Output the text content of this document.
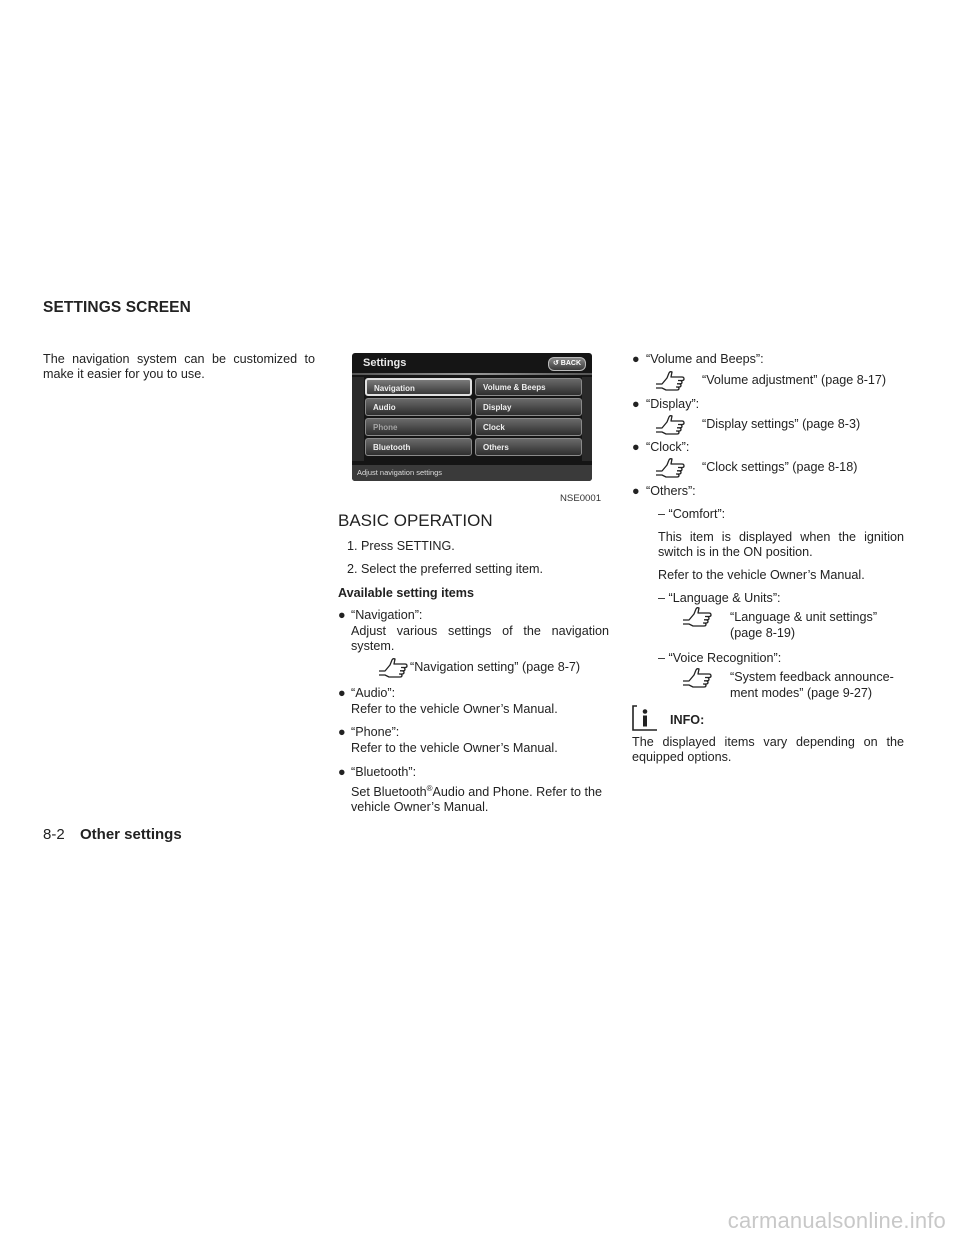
SETTINGS SCREEN

The navigation system can be customized to make it easier for you to use.

Settings	↺ BACK
Navigation
Audio
Phone
Bluetooth
Volume & Beeps
Display
Clock
Others
Adjust navigation settings
NSE0001
BASIC OPERATION

1. Press SETTING.

2. Select the preferred setting item.

Available setting items

● “Navigation”:

Adjust various settings of the navigation system.

“Navigation setting” (page 8-7)

● “Audio”:

Refer to the vehicle Owner’s Manual.

● “Phone”:

Refer to the vehicle Owner’s Manual.

● “Bluetooth”:

Set Bluetooth®Audio and Phone. Refer to the vehicle Owner’s Manual.

● “Volume and Beeps”:

“Volume adjustment” (page 8-17)

● “Display”:

“Display settings” (page 8-3)

● “Clock”:

“Clock settings” (page 8-18)

● “Others”:

– “Comfort”:

This item is displayed when the ignition switch is in the ON position.

Refer to the vehicle Owner’s Manual.

– “Language & Units”:

“Language & unit settings”

(page 8-19)

– “Voice Recognition”:

“System feedback announce-

ment modes” (page 9-27)

INFO:

The displayed items vary depending on the equipped options.

8-2 Other settings
carmanualsonline.info
